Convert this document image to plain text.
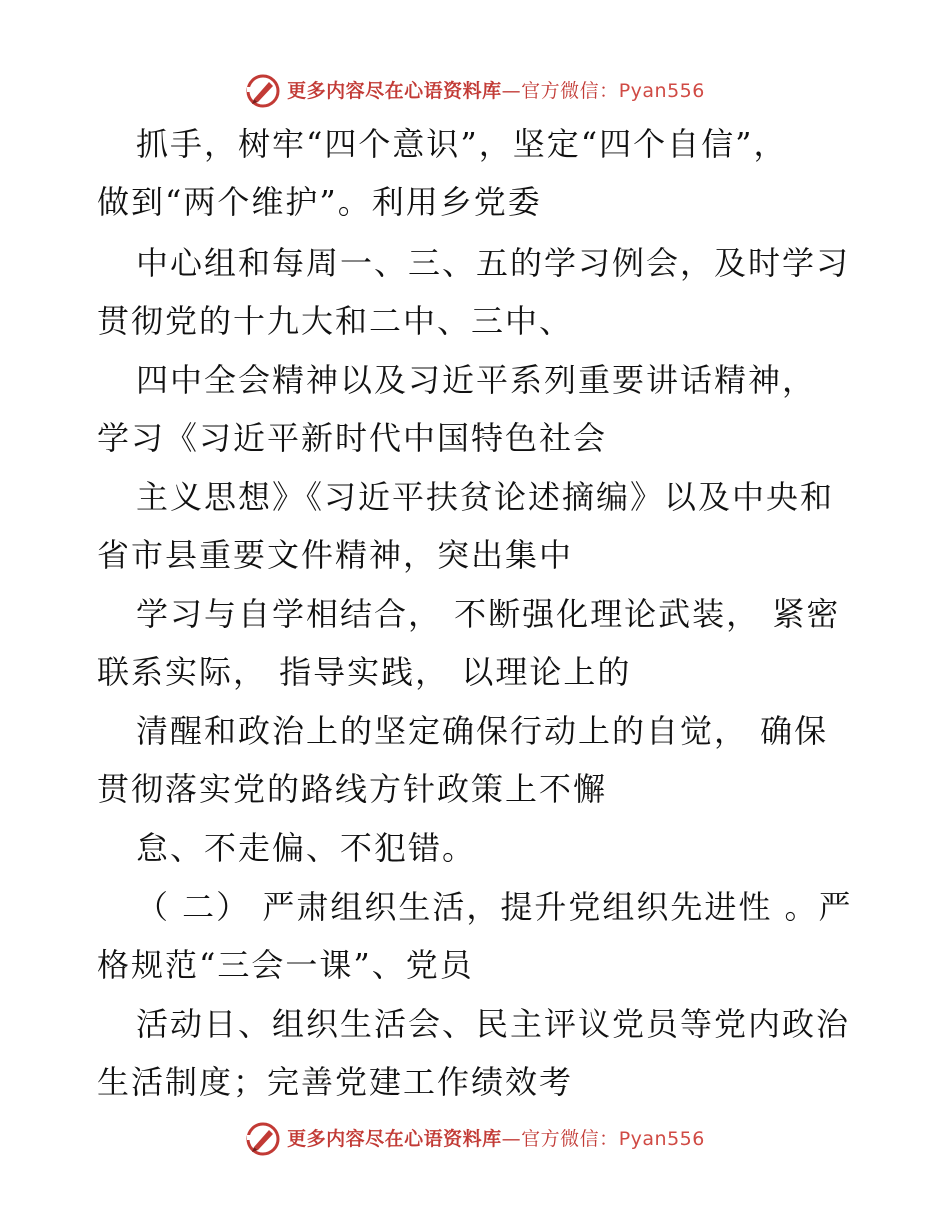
更多内容尽在心语资料库—官方微信：Pyan556
抓手，树牢“四个意识”，坚定“四个自信”，
做到“两个维护”。利用乡党委
中心组和每周一、三、五的学习例会，及时学习
贯彻党的十九大和二中、三中、
四中全会精神以及习近平系列重要讲话精神，
学习《习近平新时代中国特色社会
主义思想》《习近平扶贫论述摘编》以及中央和
省市县重要文件精神，突出集中
学习与自学相结合， 不断强化理论武装， 紧密
联系实际， 指导实践， 以理论上的
清醒和政治上的坚定确保行动上的自觉， 确保
贯彻落实党的路线方针政策上不懈
怠、不走偏、不犯错。
（ 二） 严肃组织生活，提升党组织先进性 。严
格规范“三会一课”、党员
活动日、组织生活会、民主评议党员等党内政治
生活制度；完善党建工作绩效考
更多内容尽在心语资料库—官方微信：Pyan556
